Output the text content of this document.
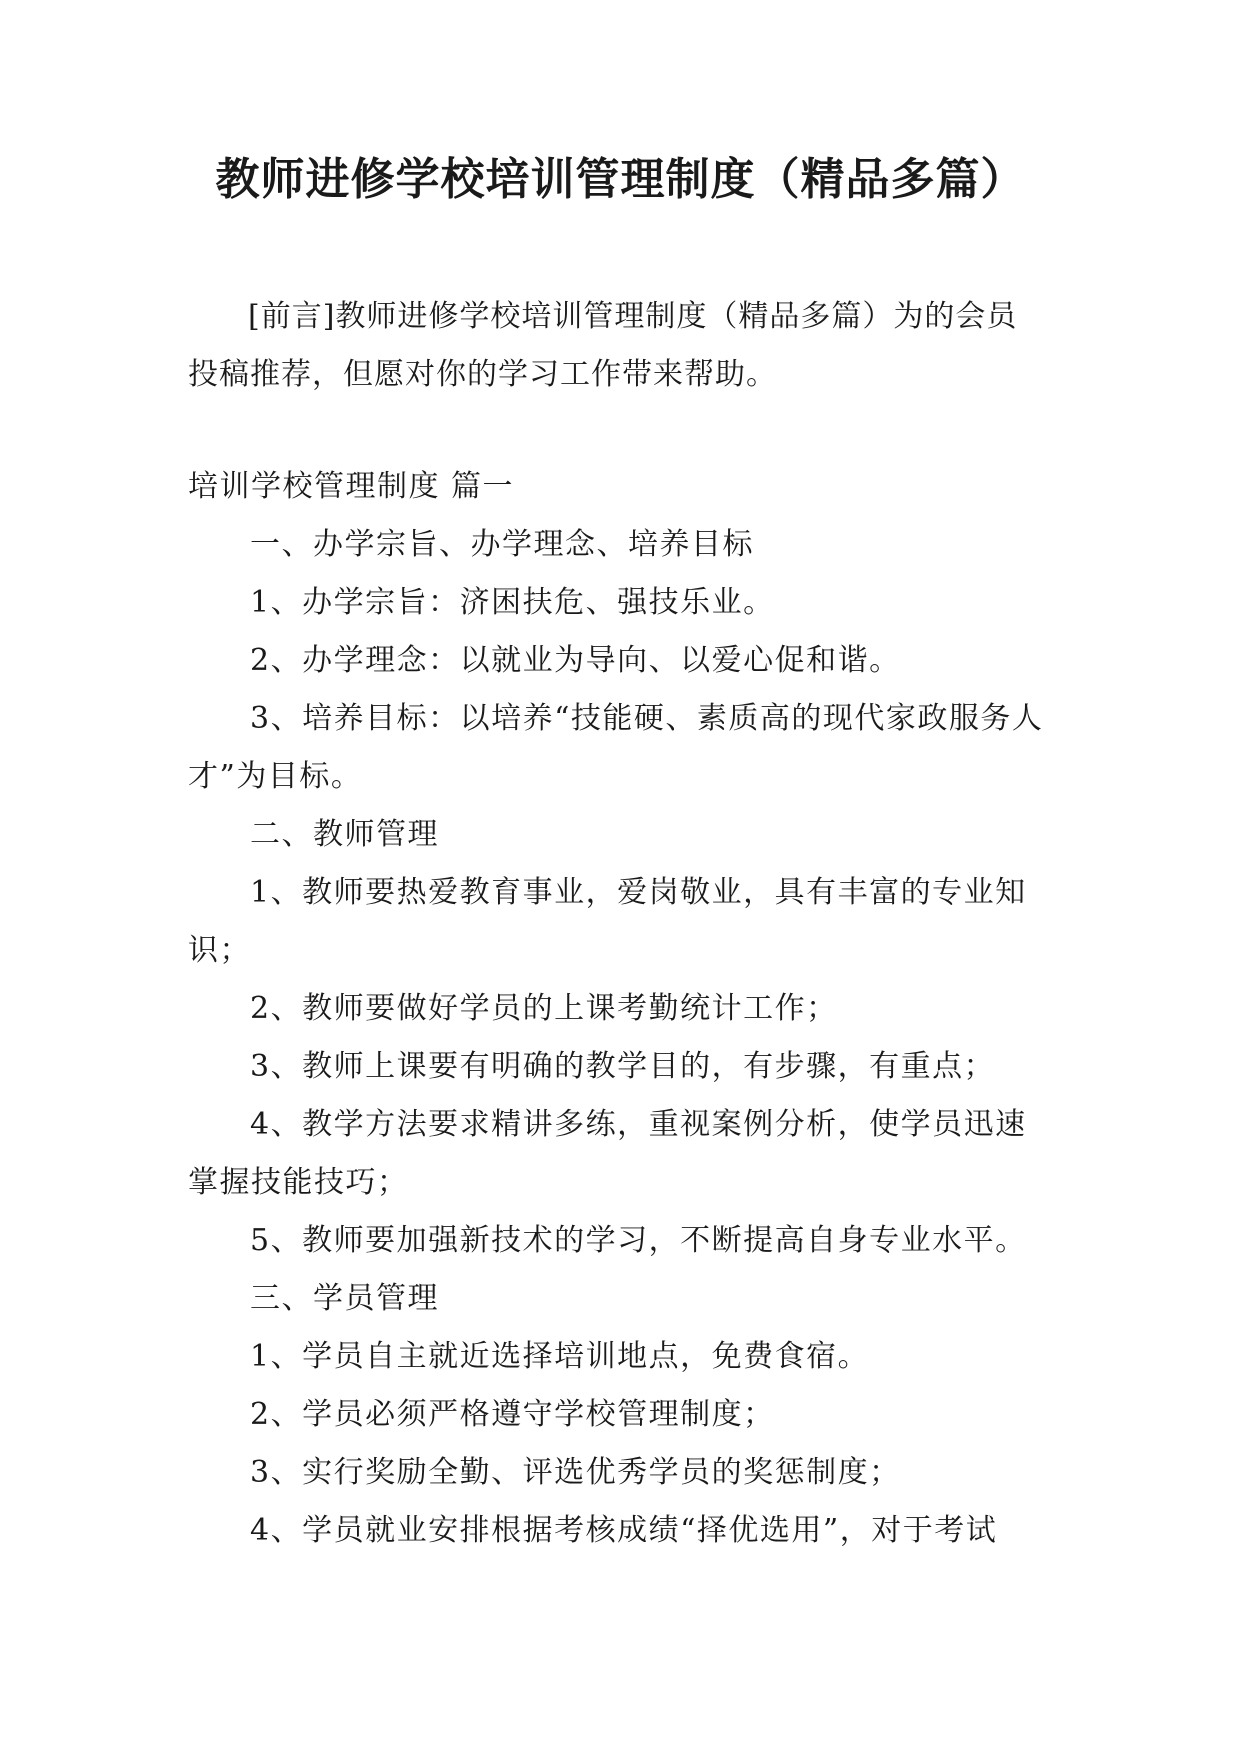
教师进修学校培训管理制度（精品多篇）

[前言]教师进修学校培训管理制度（精品多篇）为的会员投稿推荐，但愿对你的学习工作带来帮助。

培训学校管理制度 篇一

一、办学宗旨、办学理念、培养目标

1、办学宗旨：济困扶危、强技乐业。

2、办学理念：以就业为导向、以爱心促和谐。

3、培养目标：以培养“技能硬、素质高的现代家政服务人才”为目标。

二、教师管理

1、教师要热爱教育事业，爱岗敬业，具有丰富的专业知识；

2、教师要做好学员的上课考勤统计工作；

3、教师上课要有明确的教学目的，有步骤，有重点；

4、教学方法要求精讲多练，重视案例分析，使学员迅速掌握技能技巧；

5、教师要加强新技术的学习，不断提高自身专业水平。

三、学员管理

1、学员自主就近选择培训地点，免费食宿。

2、学员必须严格遵守学校管理制度；

3、实行奖励全勤、评选优秀学员的奖惩制度；

4、学员就业安排根据考核成绩“择优选用”，对于考试
